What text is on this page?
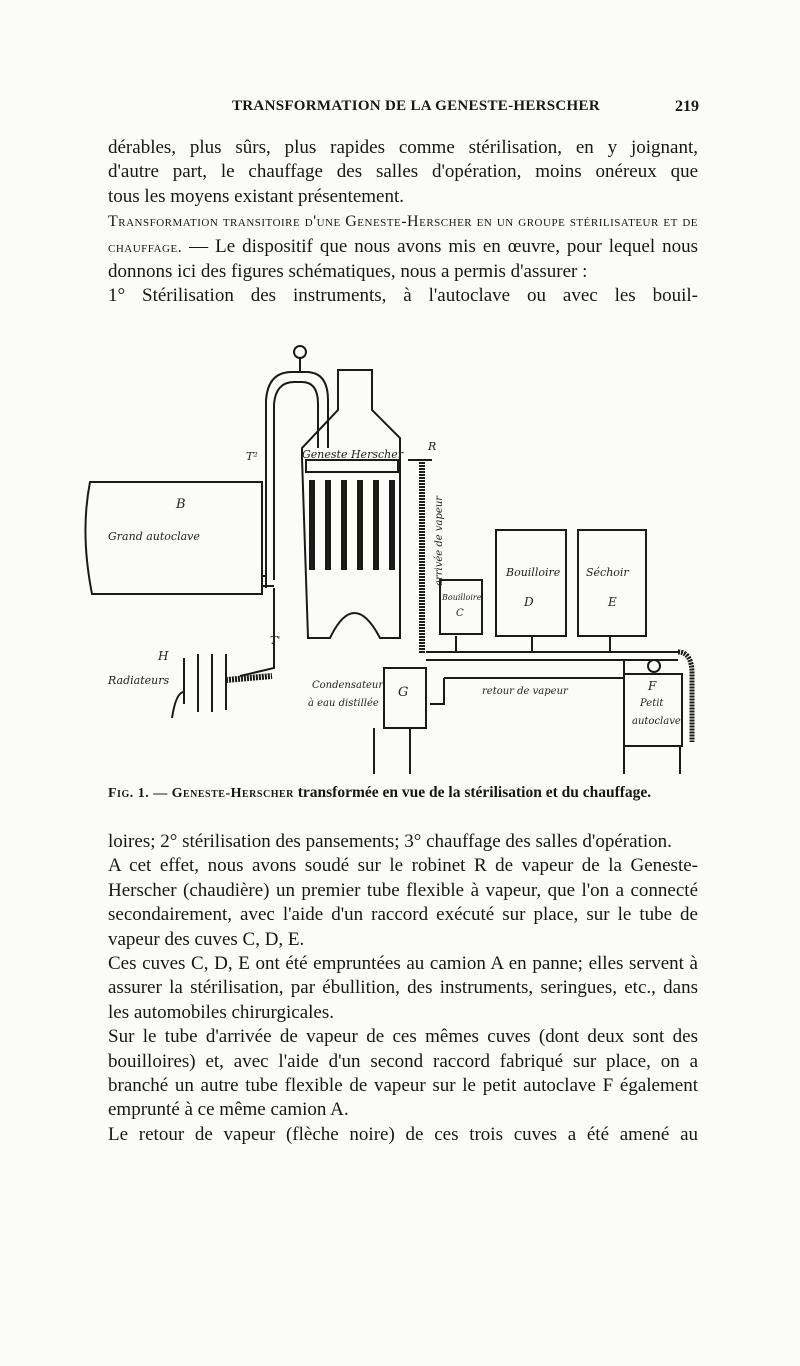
TRANSFORMATION DE LA GENESTE-HERSCHER	219

dérables, plus sûrs, plus rapides comme stérilisation, en y joignant,

d'autre part, le chauffage des salles d'opération, moins onéreux que

tous les moyens existant présentement.

Transformation transitoire d'une Geneste-Herscher en un groupe stérilisateur et de chauffage. — Le dispositif que nous avons mis en œuvre, pour lequel nous donnons ici des figures schématiques, nous a permis d'assurer :

1° Stérilisation des instruments, à l'autoclave ou avec les bouil-

T²	Geneste Herscher
R
B
Grand autoclave	arrivée de vapeur	Bouilloire Séchoir
D	E
Bouilloire
C
T'
H
Radiateurs	Condensateur
à eau distillée
G	retour de vapeur	F
Petit
autoclave
Fig. 1. — Geneste-Herscher transformée en vue de la stérilisation et du chauffage.

loires; 2° stérilisation des pansements; 3° chauffage des salles d'opération.

A cet effet, nous avons soudé sur le robinet R de vapeur de la Geneste-Herscher (chaudière) un premier tube flexible à vapeur, que l'on a connecté secondairement, avec l'aide d'un raccord exécuté sur place, sur le tube de vapeur des cuves C, D, E.

Ces cuves C, D, E ont été empruntées au camion A en panne; elles servent à assurer la stérilisation, par ébullition, des instruments, seringues, etc., dans les automobiles chirurgicales.

Sur le tube d'arrivée de vapeur de ces mêmes cuves (dont deux sont des bouilloires) et, avec l'aide d'un second raccord fabriqué sur place, on a branché un autre tube flexible de vapeur sur le petit autoclave F également emprunté à ce même camion A.

Le retour de vapeur (flèche noire) de ces trois cuves a été amené au
